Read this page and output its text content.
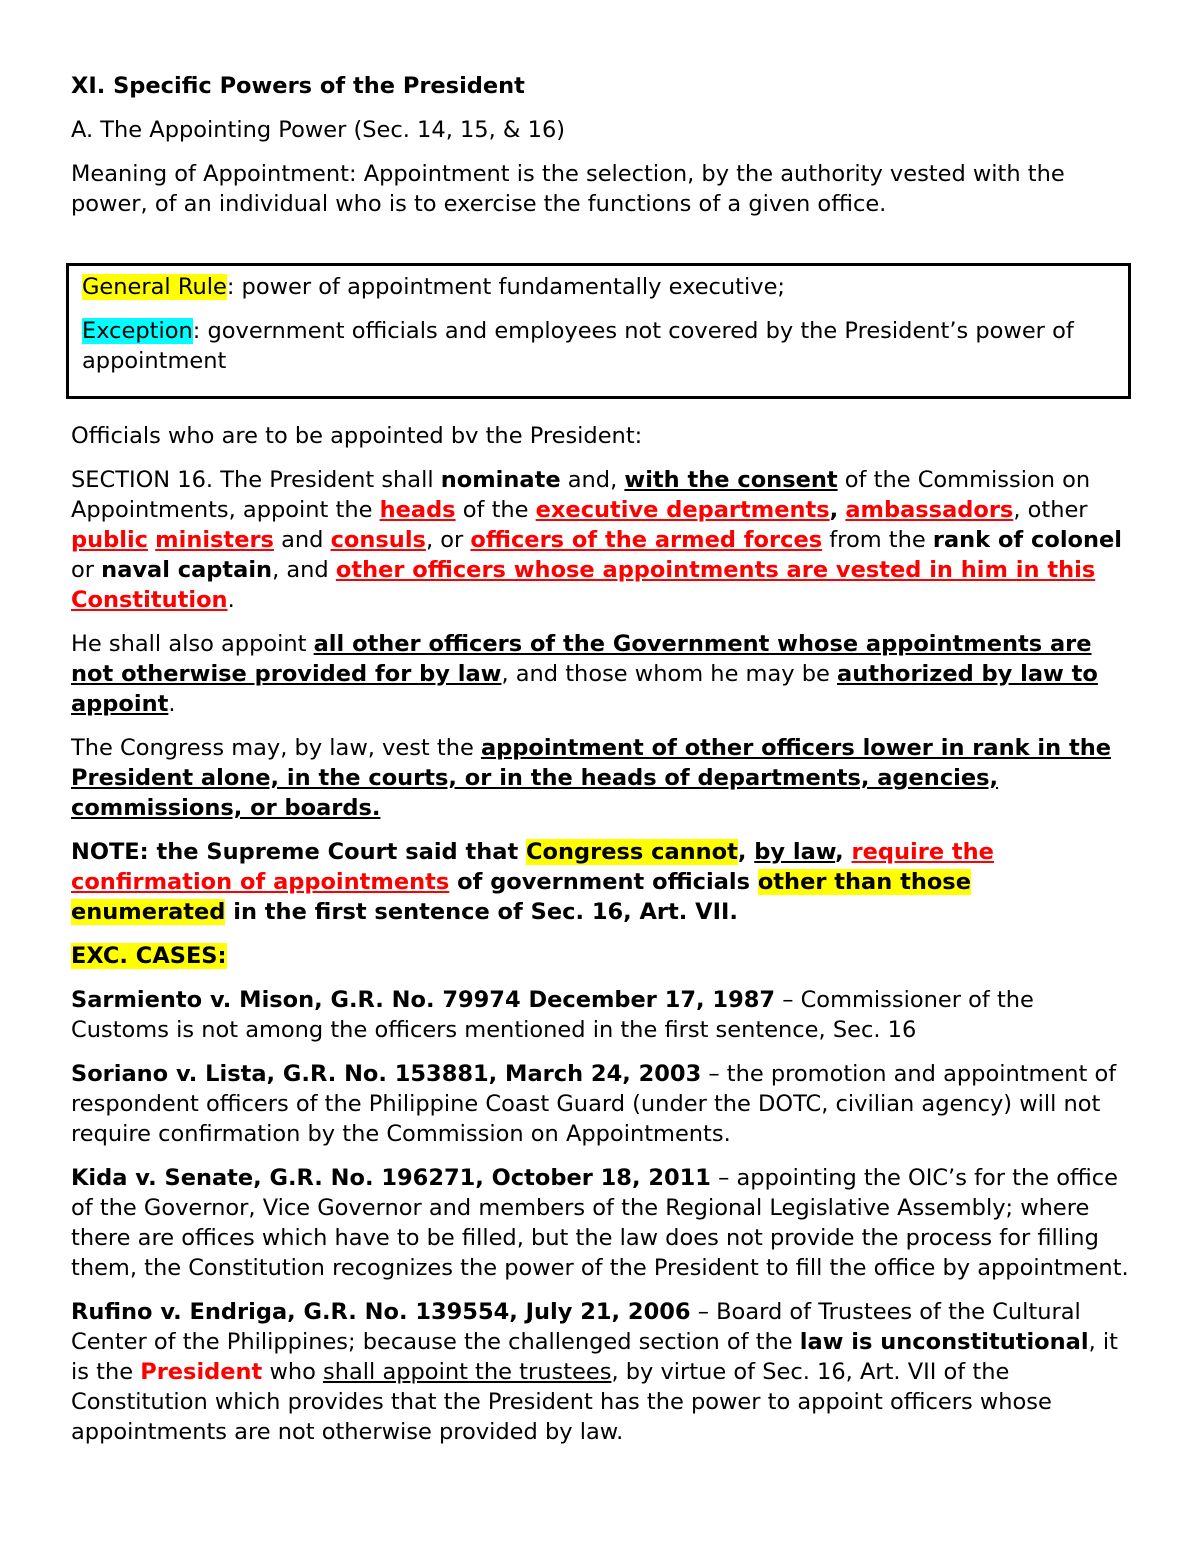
XI. Specific Powers of the President

A. The Appointing Power (Sec. 14, 15, & 16)

Meaning of Appointment: Appointment is the selection, by the authority vested with the power, of an individual who is to exercise the functions of a given office.

General Rule: power of appointment fundamentally executive;

Exception: government officials and employees not covered by the President’s power of appointment

Officials who are to be appointed bv the President:

SECTION 16. The President shall nominate and, with the consent of the Commission on Appointments, appoint the heads of the executive departments, ambassadors, other public ministers and consuls, or officers of the armed forces from the rank of colonel or naval captain, and other officers whose appointments are vested in him in this Constitution.

He shall also appoint all other officers of the Government whose appointments are not otherwise provided for by law, and those whom he may be authorized by law to appoint.

The Congress may, by law, vest the appointment of other officers lower in rank in the President alone, in the courts, or in the heads of departments, agencies, commissions, or boards.

NOTE: the Supreme Court said that Congress cannot, by law, require the confirmation of appointments of government officials other than those enumerated in the first sentence of Sec. 16, Art. VII.

EXC. CASES:

Sarmiento v. Mison, G.R. No. 79974 December 17, 1987 – Commissioner of the Customs is not among the officers mentioned in the first sentence, Sec. 16

Soriano v. Lista, G.R. No. 153881, March 24, 2003 – the promotion and appointment of respondent officers of the Philippine Coast Guard (under the DOTC, civilian agency) will not require confirmation by the Commission on Appointments.

Kida v. Senate, G.R. No. 196271, October 18, 2011 – appointing the OIC’s for the office of the Governor, Vice Governor and members of the Regional Legislative Assembly; where there are offices which have to be filled, but the law does not provide the process for filling them, the Constitution recognizes the power of the President to fill the office by appointment.

Rufino v. Endriga, G.R. No. 139554, July 21, 2006 – Board of Trustees of the Cultural Center of the Philippines; because the challenged section of the law is unconstitutional, it is the President who shall appoint the trustees, by virtue of Sec. 16, Art. VII of the Constitution which provides that the President has the power to appoint officers whose appointments are not otherwise provided by law.
